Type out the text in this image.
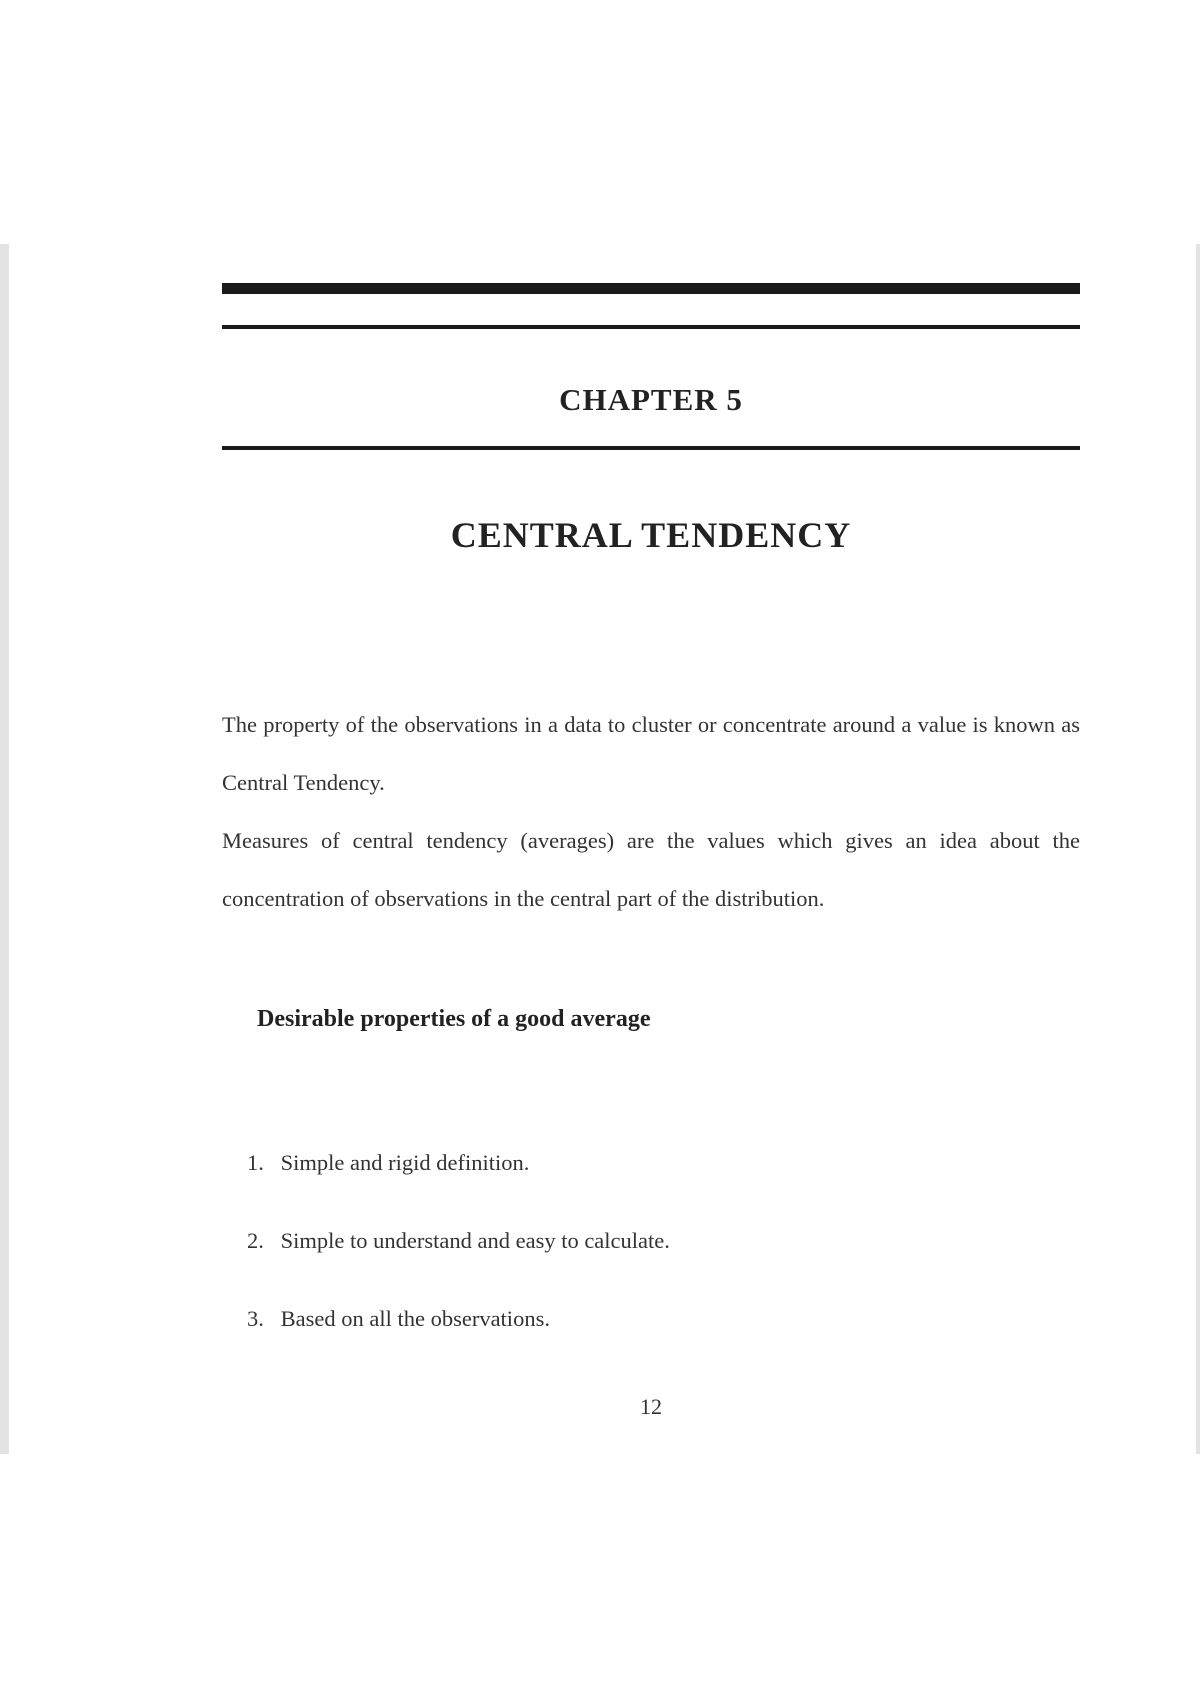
CHAPTER 5
CENTRAL TENDENCY

The property of the observations in a data to cluster or concentrate around a value is known as Central Tendency.

Measures of central tendency (averages) are the values which gives an idea about the concentration of observations in the central part of the distribution.

Desirable properties of a good average
1. Simple and rigid definition.
2. Simple to understand and easy to calculate.
3. Based on all the observations.
12
